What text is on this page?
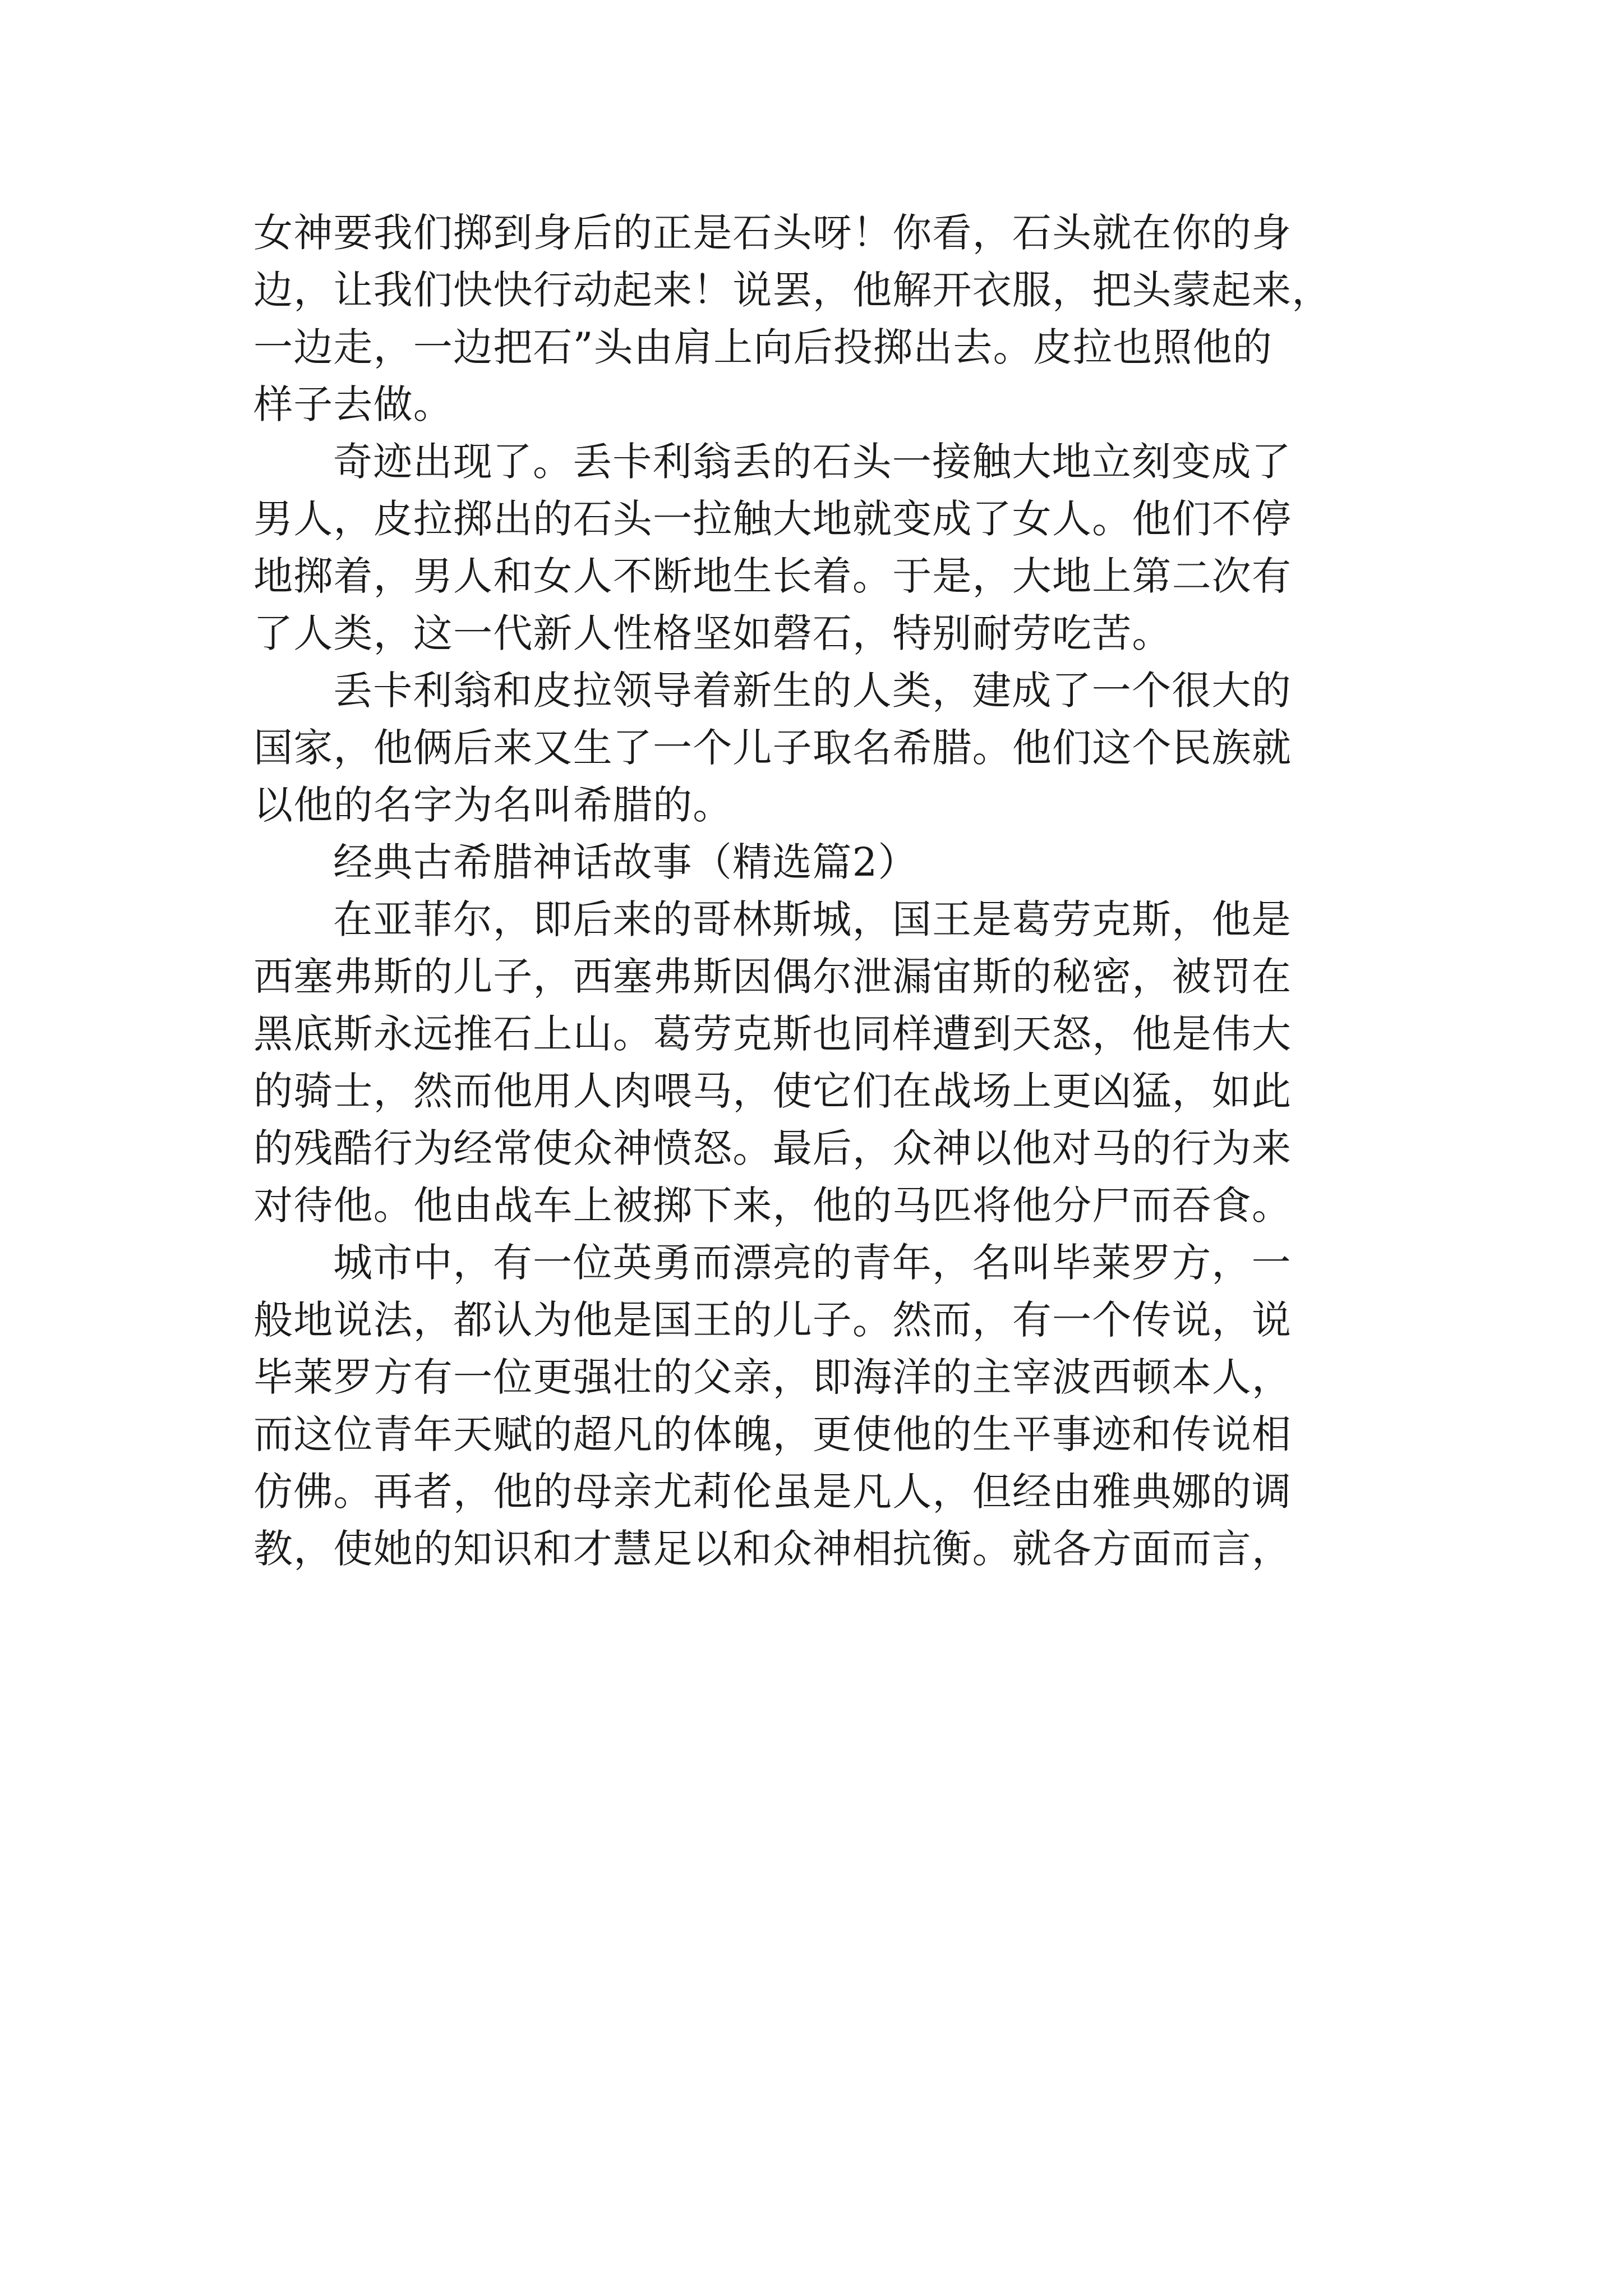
女神要我们掷到身后的正是石头呀！你看，石头就在你的身
边，让我们快快行动起来！说罢，他解开衣服，把头蒙起来，
一边走，一边把石”头由肩上向后投掷出去。皮拉也照他的
样子去做。
奇迹出现了。丢卡利翁丢的石头一接触大地立刻变成了
男人，皮拉掷出的石头一拉触大地就变成了女人。他们不停
地掷着，男人和女人不断地生长着。于是，大地上第二次有
了人类，这一代新人性格坚如磬石，特别耐劳吃苦。
丢卡利翁和皮拉领导着新生的人类，建成了一个很大的
国家，他俩后来又生了一个儿子取名希腊。他们这个民族就
以他的名字为名叫希腊的。
经典古希腊神话故事（精选篇2）
在亚菲尔，即后来的哥林斯城，国王是葛劳克斯，他是
西塞弗斯的儿子，西塞弗斯因偶尔泄漏宙斯的秘密，被罚在
黑底斯永远推石上山。葛劳克斯也同样遭到天怒，他是伟大
的骑士，然而他用人肉喂马，使它们在战场上更凶猛，如此
的残酷行为经常使众神愤怒。最后，众神以他对马的行为来
对待他。他由战车上被掷下来，他的马匹将他分尸而吞食。
城市中，有一位英勇而漂亮的青年，名叫毕莱罗方，一
般地说法，都认为他是国王的儿子。然而，有一个传说，说
毕莱罗方有一位更强壮的父亲，即海洋的主宰波西顿本人，
而这位青年天赋的超凡的体魄，更使他的生平事迹和传说相
仿佛。再者，他的母亲尤莉伦虽是凡人，但经由雅典娜的调
教，使她的知识和才慧足以和众神相抗衡。就各方面而言，
